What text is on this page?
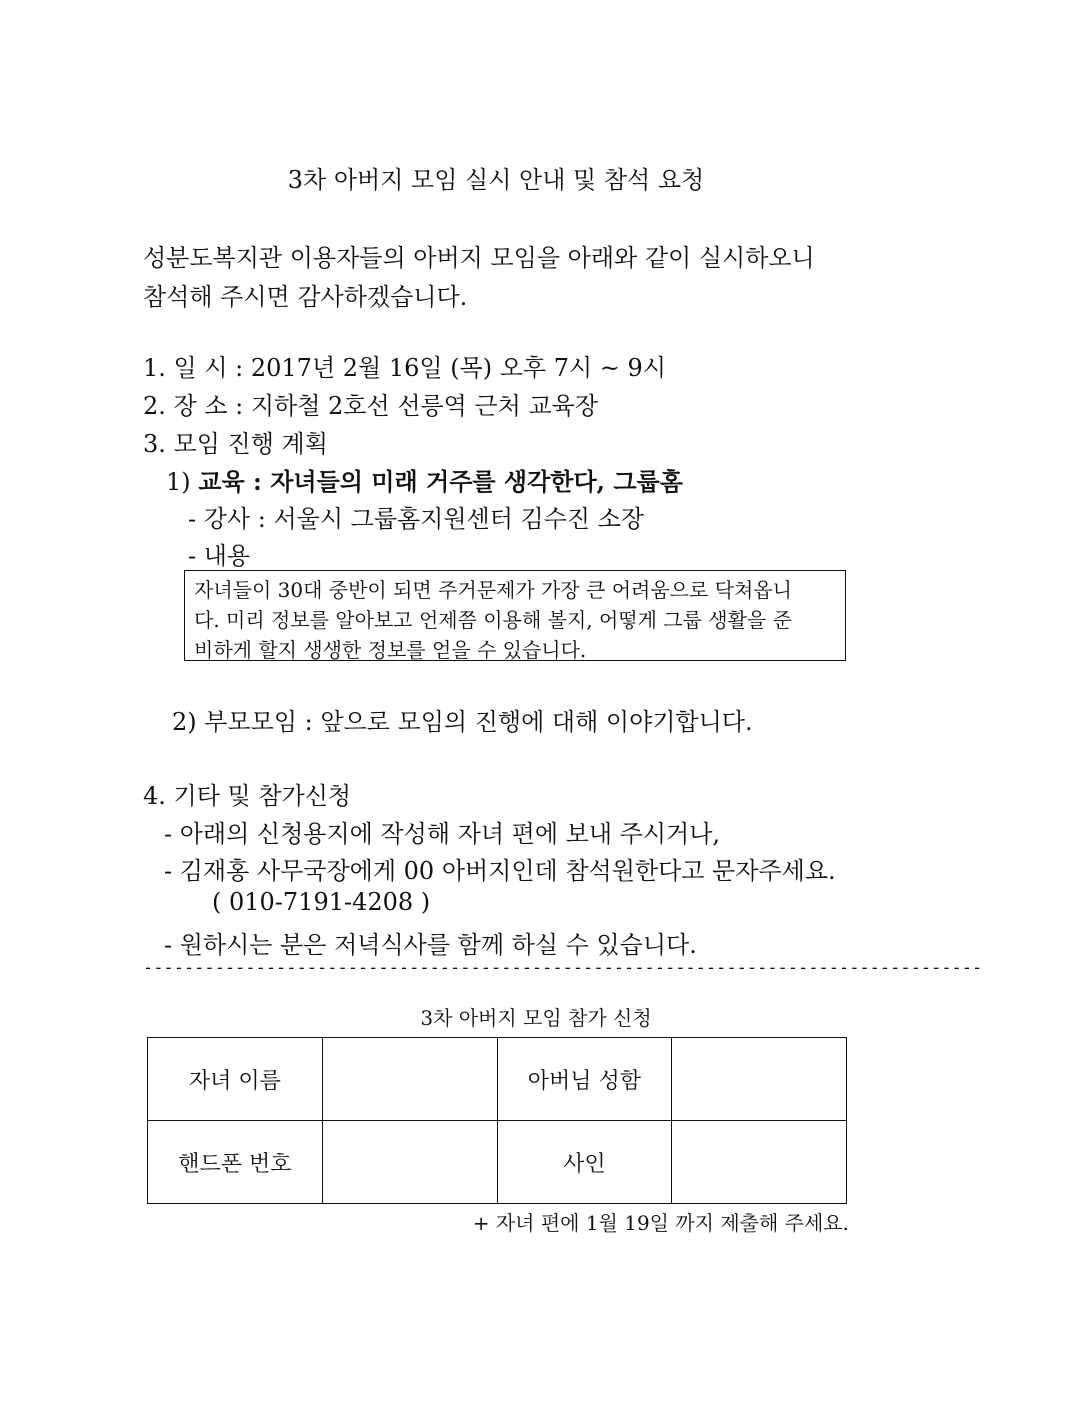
3차 아버지 모임 실시 안내 및 참석 요청
성분도복지관 이용자들의 아버지 모임을 아래와 같이 실시하오니
참석해 주시면 감사하겠습니다.
1. 일 시 : 2017년 2월 16일 (목) 오후 7시 ~ 9시
2. 장 소 : 지하철 2호선 선릉역 근처 교육장
3. 모임 진행 계획
1) 교육 : 자녀들의 미래 거주를 생각한다, 그룹홈
- 강사 : 서울시 그룹홈지원센터 김수진 소장
- 내용
자녀들이 30대 중반이 되면 주거문제가 가장 큰 어려움으로 닥쳐옵니
다. 미리 정보를 알아보고 언제쯤 이용해 볼지, 어떻게 그룹 생활을 준
비하게 할지 생생한 정보를 얻을 수 있습니다.
2) 부모모임 : 앞으로 모임의 진행에 대해 이야기합니다.
4. 기타 및 참가신청
- 아래의 신청용지에 작성해 자녀 편에 보내 주시거나,
- 김재홍 사무국장에게 00 아버지인데 참석원한다고 문자주세요.
( 010-7191-4208 )
- 원하시는 분은 저녁식사를 함께 하실 수 있습니다.
----------------------------------------------------------------------------------
3차 아버지 모임 참가 신청
자녀 이름		아버님 성함	
핸드폰 번호		사인	
+ 자녀 편에 1월 19일 까지 제출해 주세요.
